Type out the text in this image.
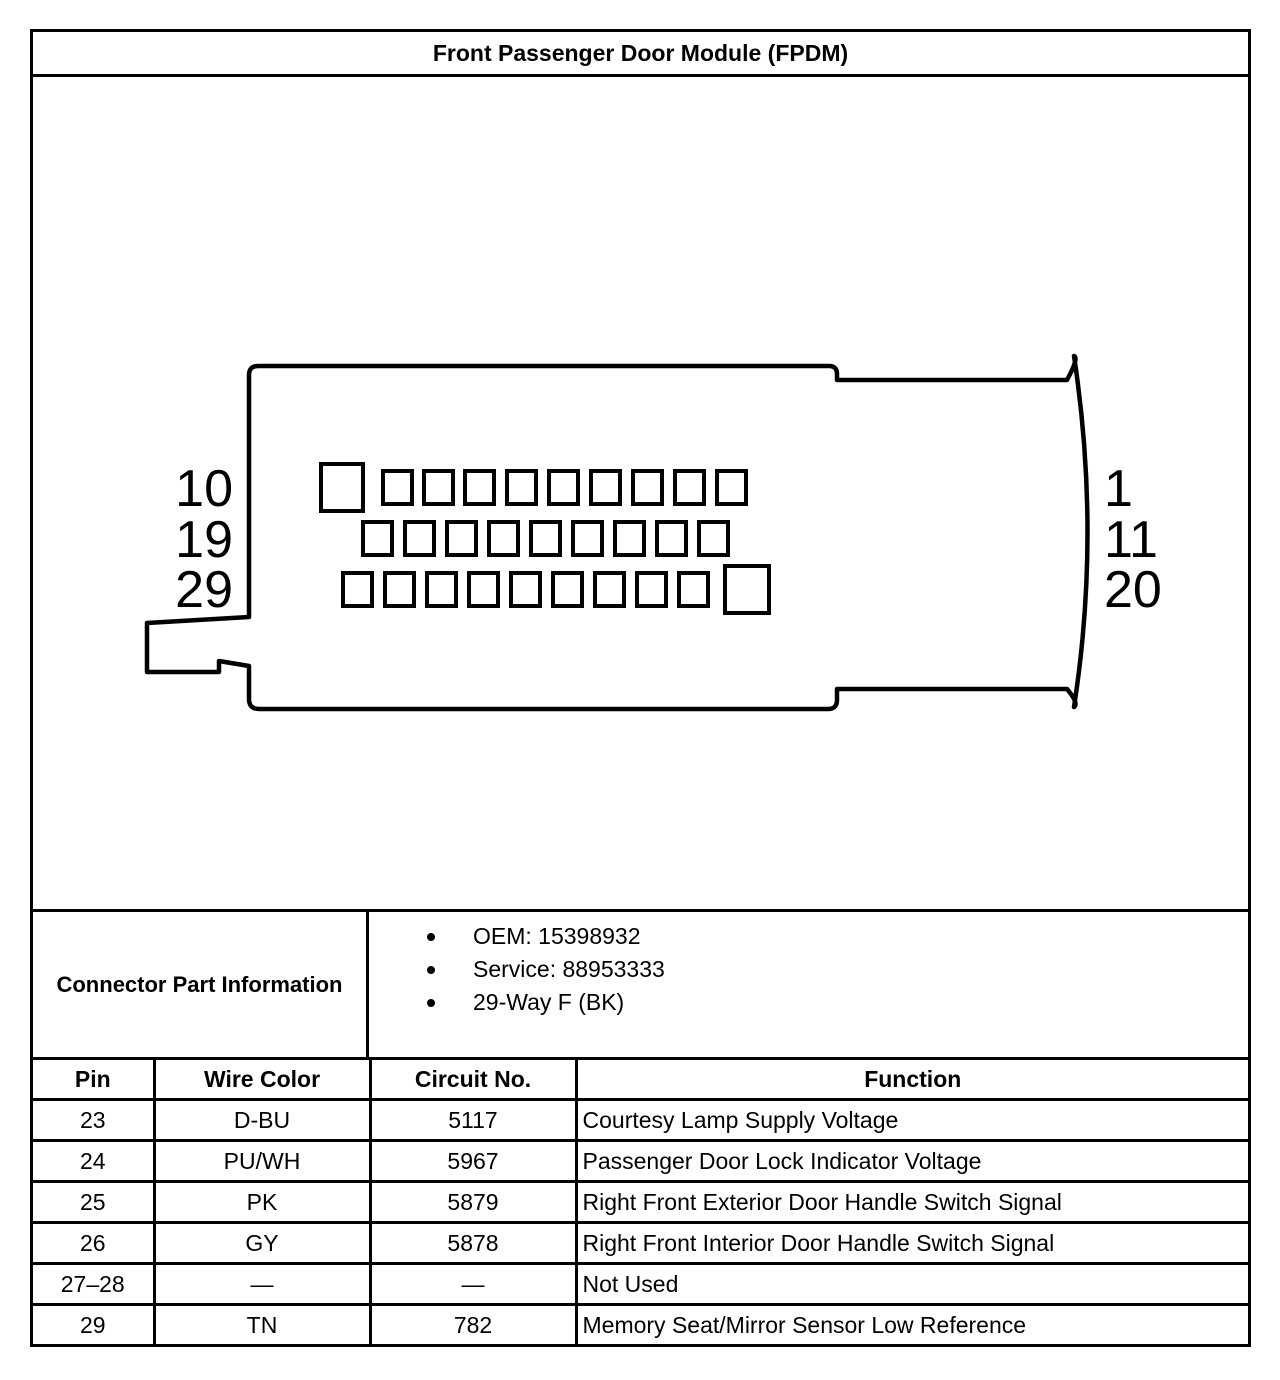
Front Passenger Door Module (FPDM)
10
19
29
1
11
20
Connector Part Information
OEM: 15398932
Service: 88953333
29-Way F (BK)
Pin	Wire Color	Circuit No.	Function
23	D-BU	5117	Courtesy Lamp Supply Voltage
24	PU/WH	5967	Passenger Door Lock Indicator Voltage
25	PK	5879	Right Front Exterior Door Handle Switch Signal
26	GY	5878	Right Front Interior Door Handle Switch Signal
27–28	—	—	Not Used
29	TN	782	Memory Seat/Mirror Sensor Low Reference
